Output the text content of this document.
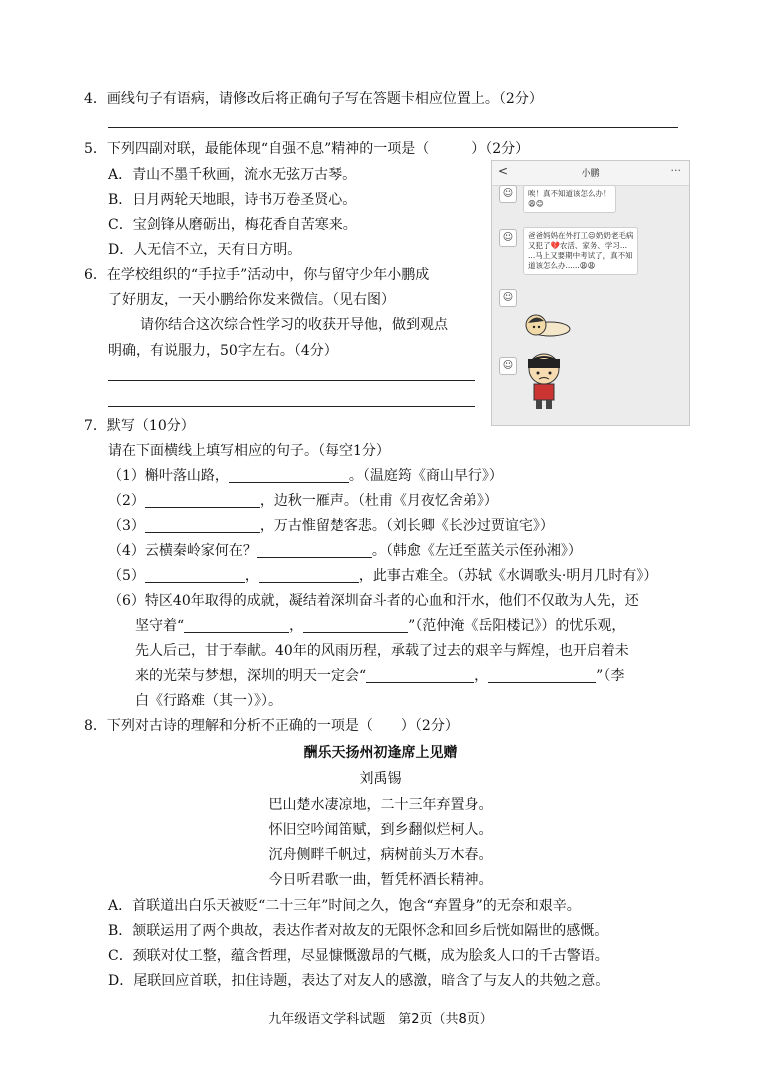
4．画线句子有语病，请修改后将正确句子写在答题卡相应位置上。（2分）
5．下列四副对联，最能体现“自强不息”精神的一项是（　　　）（2分）
A．青山不墨千秋画，流水无弦万古琴。
B．日月两轮天地眼，诗书万卷圣贤心。
C．宝剑锋从磨砺出，梅花香自苦寒来。
D．人无信不立，天有日方明。
6．在学校组织的“手拉手”活动中，你与留守少年小鹏成
了好朋友，一天小鹏给你发来微信。（见右图）
请你结合这次综合性学习的收获开导他，做到观点
明确，有说服力，50字左右。（4分）
<	小鹏	···
☺	唉！真不知道该怎么办！
😩😊
☺	爸爸妈妈在外打工😐奶奶老毛病
又犯了💔农活、家务、学习...
...马上又要期中考试了，真不知
道该怎么办......😩😩
☺
☺
7．默写（10分）
请在下面横线上填写相应的句子。（每空1分）
（1）槲叶落山路，	。（温庭筠《商山早行》）
（2）	，边秋一雁声。（杜甫《月夜忆舍弟》）
（3）	，万古惟留楚客悲。（刘长卿《长沙过贾谊宅》）
（4）云横秦岭家何在？	。（韩愈《左迁至蓝关示侄孙湘》）
（5）	，	，此事古难全。（苏轼《水调歌头·明月几时有》）
（6）特区40年取得的成就，凝结着深圳奋斗者的心血和汗水，他们不仅敢为人先，还
坚守着“	，	”（范仲淹《岳阳楼记》）的忧乐观，
先人后己，甘于奉献。40年的风雨历程，承载了过去的艰辛与辉煌，也开启着未
来的光荣与梦想，深圳的明天一定会“	，	”（李
白《行路难（其一）》）。
8．下列对古诗的理解和分析不正确的一项是（　　）（2分）
酬乐天扬州初逢席上见赠
刘禹锡
巴山楚水凄凉地，二十三年弃置身。
怀旧空吟闻笛赋，到乡翻似烂柯人。
沉舟侧畔千帆过，病树前头万木春。
今日听君歌一曲，暂凭杯酒长精神。
A．首联道出白乐天被贬“二十三年”时间之久，饱含“弃置身”的无奈和艰辛。
B．颔联运用了两个典故，表达作者对故友的无限怀念和回乡后恍如隔世的感慨。
C．颈联对仗工整，蕴含哲理，尽显慷慨激昂的气概，成为脍炙人口的千古警语。
D．尾联回应首联，扣住诗题，表达了对友人的感激，暗含了与友人的共勉之意。
九年级语文学科试题　第2页（共8页）
